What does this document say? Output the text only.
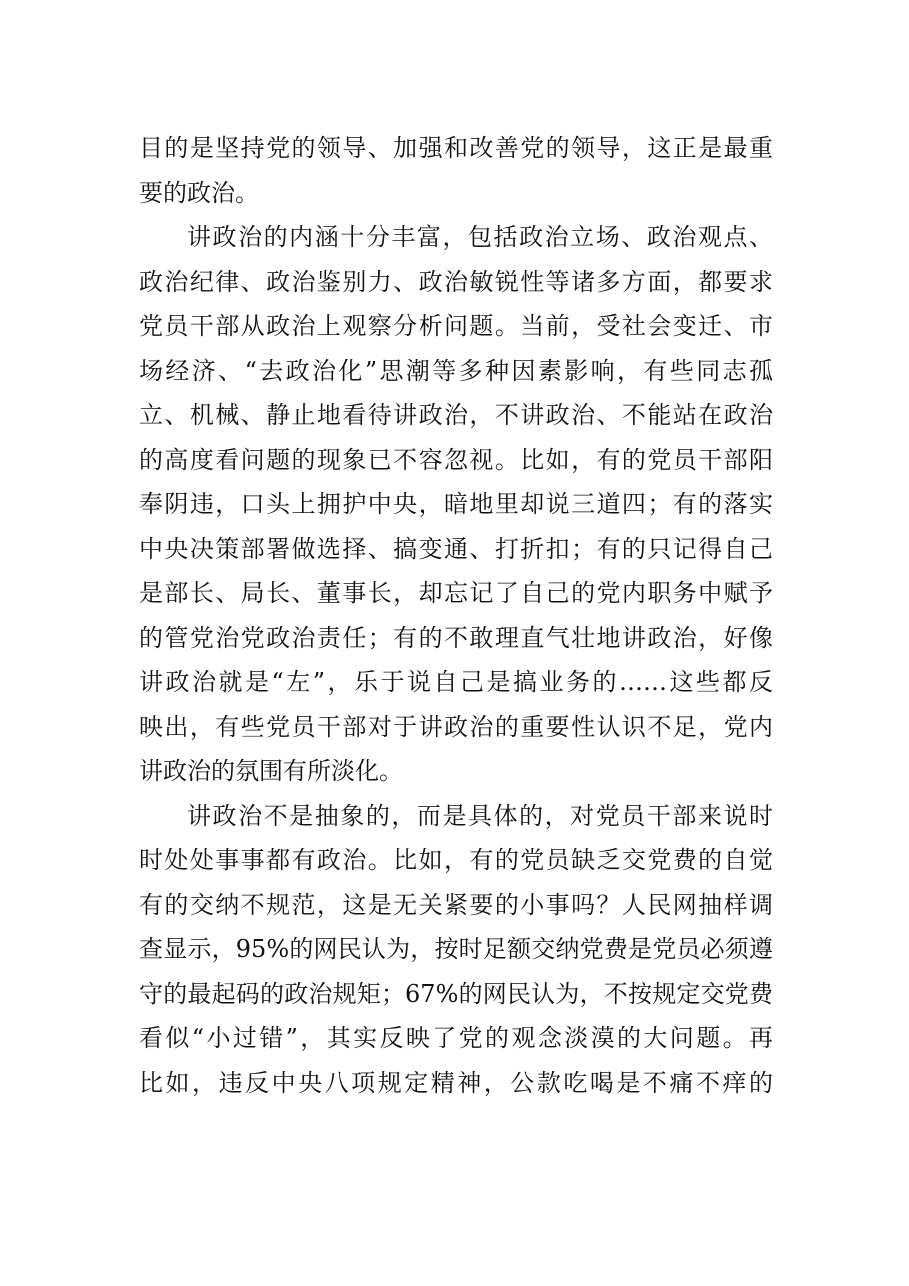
目的是坚持党的领导、加强和改善党的领导，这正是最重
要的政治。
讲政治的内涵十分丰富，包括政治立场、政治观点、
政治纪律、政治鉴别力、政治敏锐性等诸多方面，都要求
党员干部从政治上观察分析问题。当前，受社会变迁、市
场经济、“去政治化”思潮等多种因素影响，有些同志孤
立、机械、静止地看待讲政治，不讲政治、不能站在政治
的高度看问题的现象已不容忽视。比如，有的党员干部阳
奉阴违，口头上拥护中央，暗地里却说三道四；有的落实
中央决策部署做选择、搞变通、打折扣；有的只记得自己
是部长、局长、董事长，却忘记了自己的党内职务中赋予
的管党治党政治责任；有的不敢理直气壮地讲政治，好像
讲政治就是“左”，乐于说自己是搞业务的……这些都反
映出，有些党员干部对于讲政治的重要性认识不足，党内
讲政治的氛围有所淡化。
讲政治不是抽象的，而是具体的，对党员干部来说时
时处处事事都有政治。比如，有的党员缺乏交党费的自觉
有的交纳不规范，这是无关紧要的小事吗？人民网抽样调
查显示，95%的网民认为，按时足额交纳党费是党员必须遵
守的最起码的政治规矩；67%的网民认为，不按规定交党费
看似“小过错”，其实反映了党的观念淡漠的大问题。再
比如，违反中央八项规定精神，公款吃喝是不痛不痒的
